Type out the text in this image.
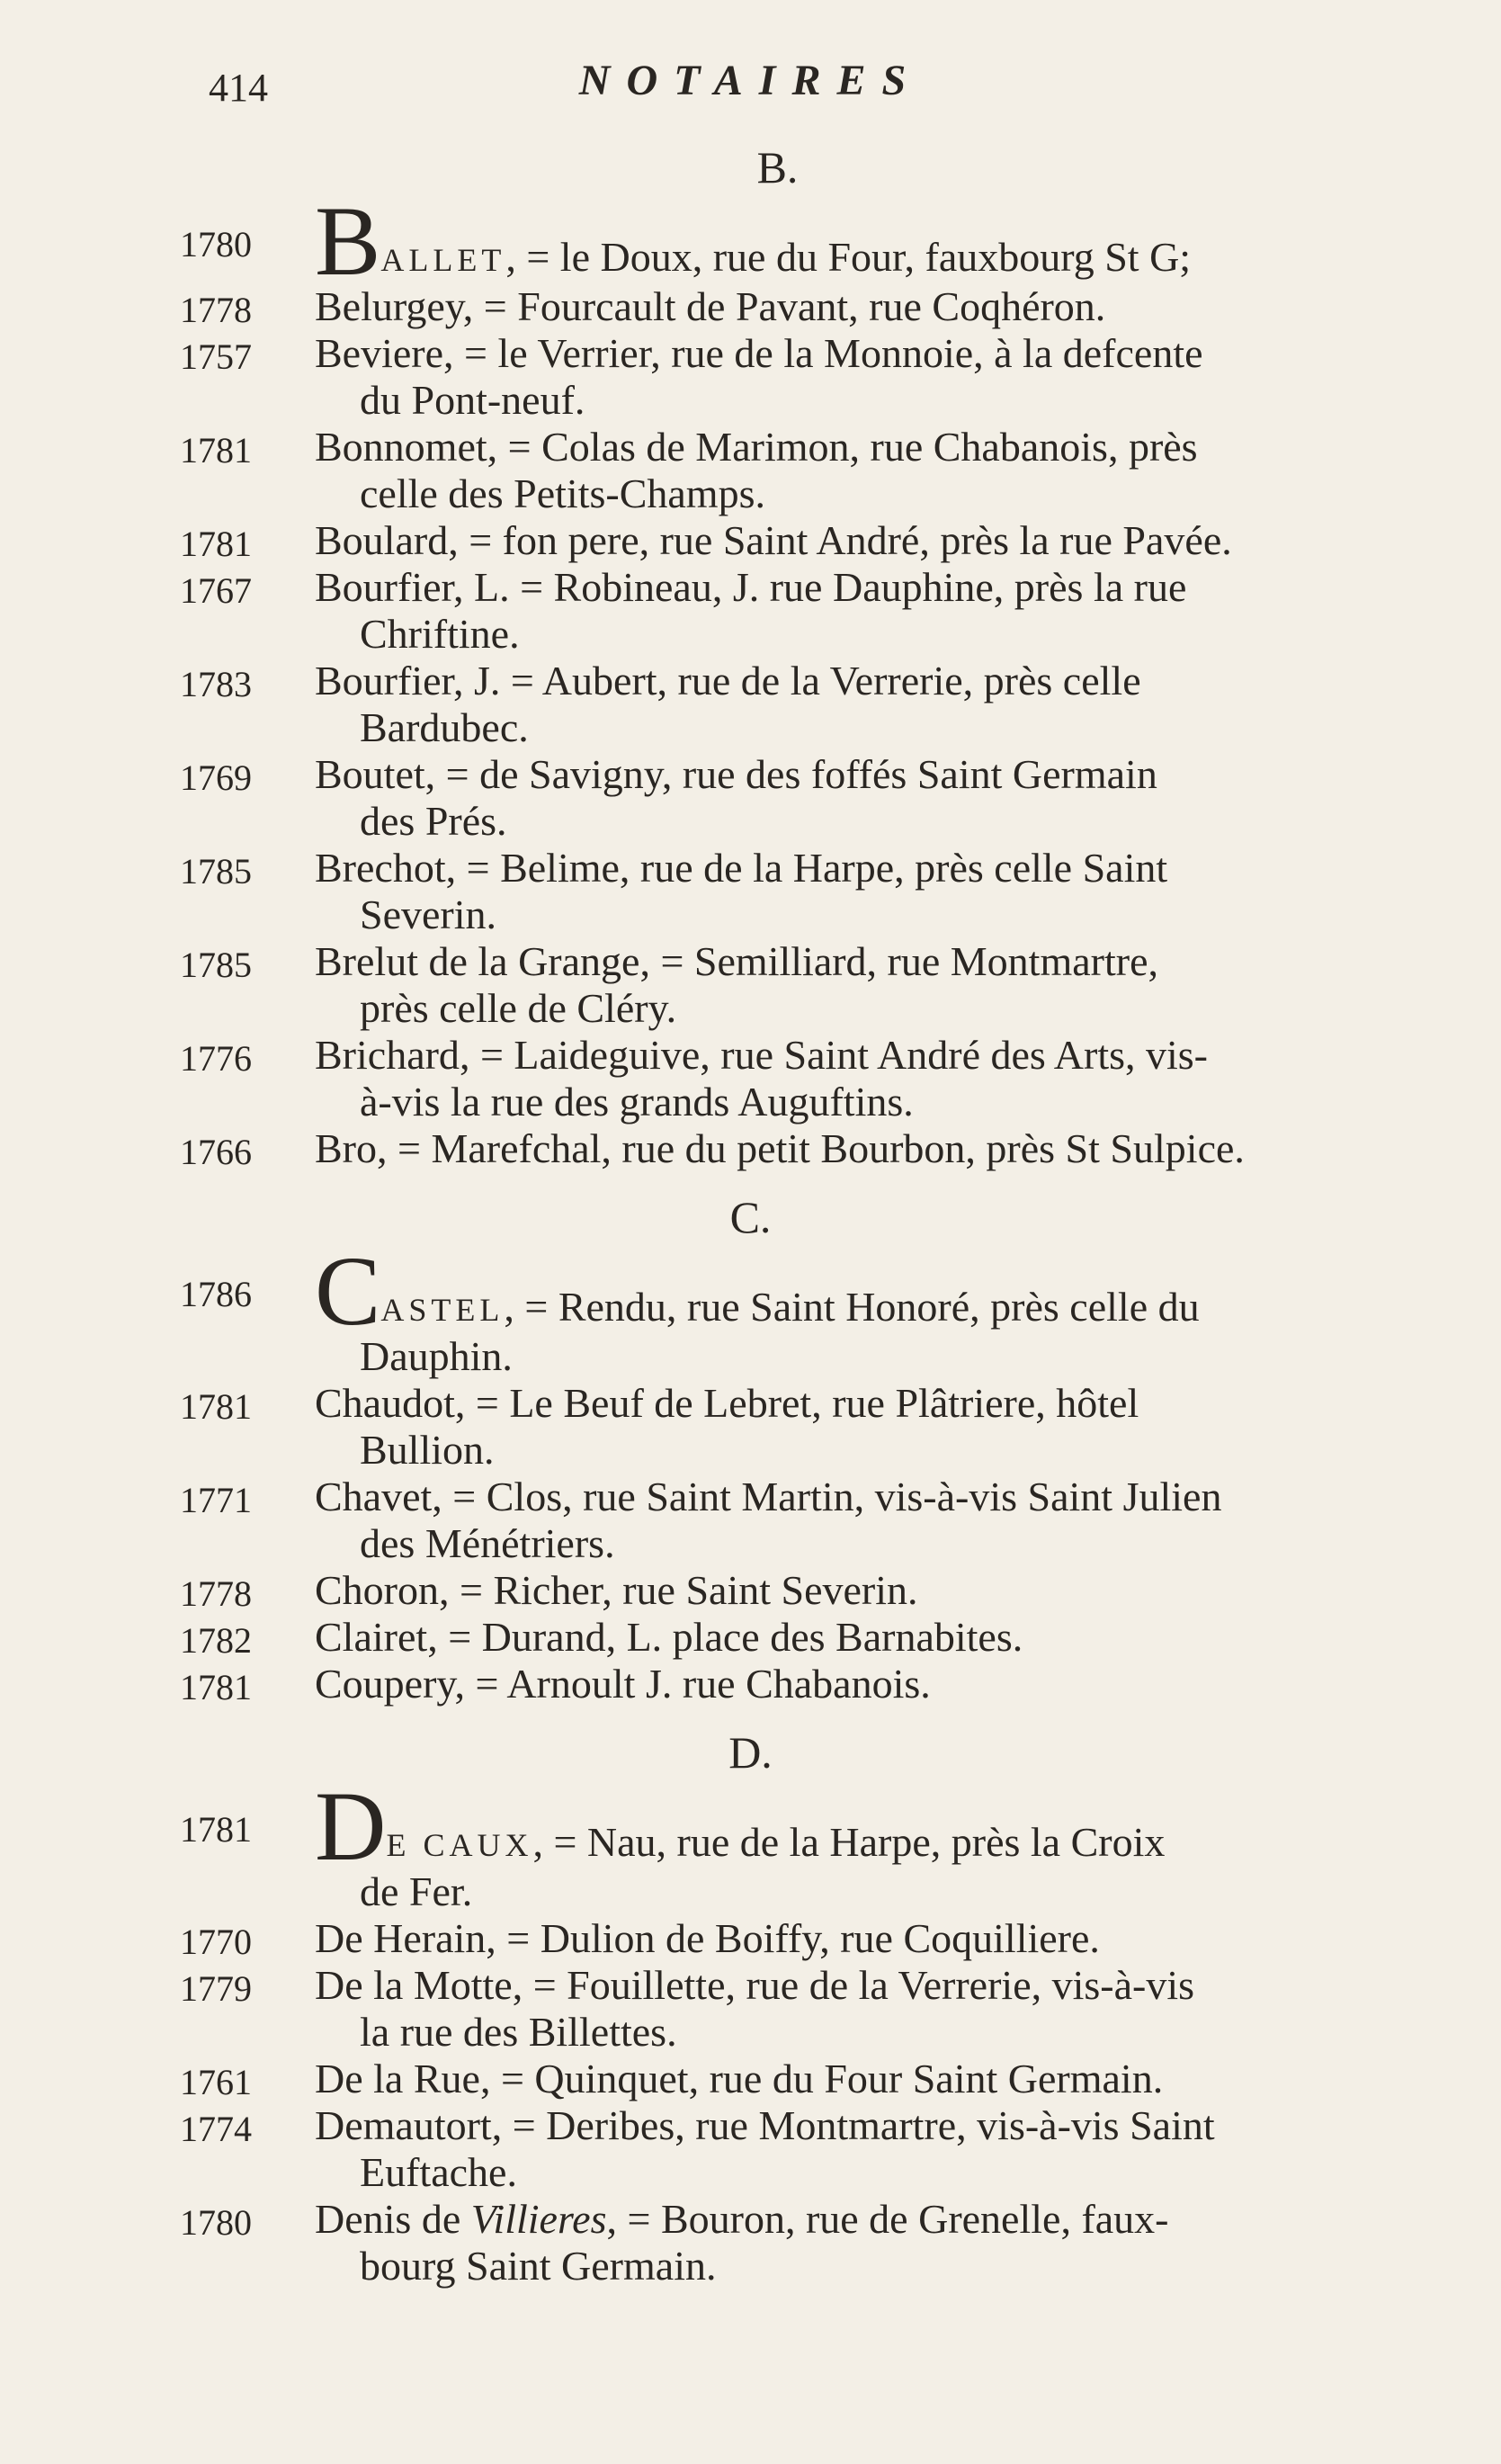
414	NOTAIRES
B.
1780 BALLET, = le Doux, rue du Four, fauxbourg St G;
1778 Belurgey, = Fourcault de Pavant, rue Coqhéron.
1757 Beviere, = le Verrier, rue de la Monnoie, à la defcente
du Pont-neuf.
1781 Bonnomet, = Colas de Marimon, rue Chabanois, près
celle des Petits-Champs.
1781 Boulard, = fon pere, rue Saint André, près la rue Pavée.
1767 Bourfier, L. = Robineau, J. rue Dauphine, près la rue
Chriftine.
1783 Bourfier, J. = Aubert, rue de la Verrerie, près celle
Bardubec.
1769 Boutet, = de Savigny, rue des foffés Saint Germain
des Prés.
1785 Brechot, = Belime, rue de la Harpe, près celle Saint
Severin.
1785 Brelut de la Grange, = Semilliard, rue Montmartre,
près celle de Cléry.
1776 Brichard, = Laideguive, rue Saint André des Arts, vis-
à-vis la rue des grands Auguftins.
1766 Bro, = Marefchal, rue du petit Bourbon, près St Sulpice.
C.
1786 CASTEL, = Rendu, rue Saint Honoré, près celle du
Dauphin.
1781 Chaudot, = Le Beuf de Lebret, rue Plâtriere, hôtel
Bullion.
1771 Chavet, = Clos, rue Saint Martin, vis-à-vis Saint Julien
des Ménétriers.
1778 Choron, = Richer, rue Saint Severin.
1782 Clairet, = Durand, L. place des Barnabites.
1781 Coupery, = Arnoult J. rue Chabanois.
D.
1781 DE CAUX, = Nau, rue de la Harpe, près la Croix
de Fer.
1770 De Herain, = Dulion de Boiffy, rue Coquilliere.
1779 De la Motte, = Fouillette, rue de la Verrerie, vis-à-vis
la rue des Billettes.
1761 De la Rue, = Quinquet, rue du Four Saint Germain.
1774 Demautort, = Deribes, rue Montmartre, vis-à-vis Saint
Euftache.
1780 Denis de Villieres, = Bouron, rue de Grenelle, faux-
bourg Saint Germain.
